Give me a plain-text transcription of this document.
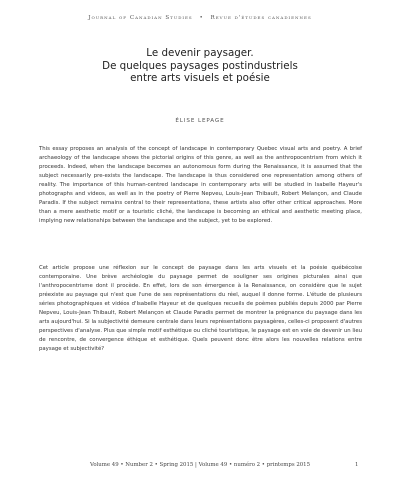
Journal of Canadian Studies • Revue d'études canadiennes
Le devenir paysager.
De quelques paysages postindustriels
entre arts visuels et poésie
ÉLISE LEPAGE

This essay proposes an analysis of the concept of landscape in contemporary Quebec visual arts and poetry. A brief archaeology of the landscape shows the pictorial origins of this genre, as well as the anthropocentrism from which it proceeds. Indeed, when the landscape becomes an autonomous form during the Renaissance, it is assumed that the subject necessarily pre-exists the landscape. The landscape is thus considered one representation among others of reality. The importance of this human-centred landscape in contemporary arts will be studied in Isabelle Hayeur's photographs and videos, as well as in the poetry of Pierre Nepveu, Louis-Jean Thibault, Robert Melançon, and Claude Paradis. If the subject remains central to their representations, these artists also offer other critical approaches. More than a mere aesthetic motif or a touristic cliché, the landscape is becoming an ethical and aesthetic meeting place, implying new relationships between the landscape and the subject, yet to be explored.

Cet article propose une réflexion sur le concept de paysage dans les arts visuels et la poésie québécoise contemporaine. Une brève archéologie du paysage permet de souligner ses origines picturales ainsi que l'anthropocentrisme dont il procède. En effet, lors de son émergence à la Renaissance, on considère que le sujet préexiste au paysage qui n'est que l'une de ses représentations du réel, auquel il donne forme. L'étude de plusieurs séries photographiques et vidéos d'Isabelle Hayeur et de quelques recueils de poèmes publiés depuis 2000 par Pierre Nepveu, Louis-Jean Thibault, Robert Melançon et Claude Paradis permet de montrer la prégnance du paysage dans les arts aujourd'hui. Si la subjectivité demeure centrale dans leurs représentations paysagères, celles-ci proposent d'autres perspectives d'analyse. Plus que simple motif esthétique ou cliché touristique, le paysage est en voie de devenir un lieu de rencontre, de convergence éthique et esthétique. Quels peuvent donc être alors les nouvelles relations entre paysage et subjectivité?

Volume 49 • Number 2 • Spring 2015 | Volume 49 • numéro 2 • printemps 2015	1
